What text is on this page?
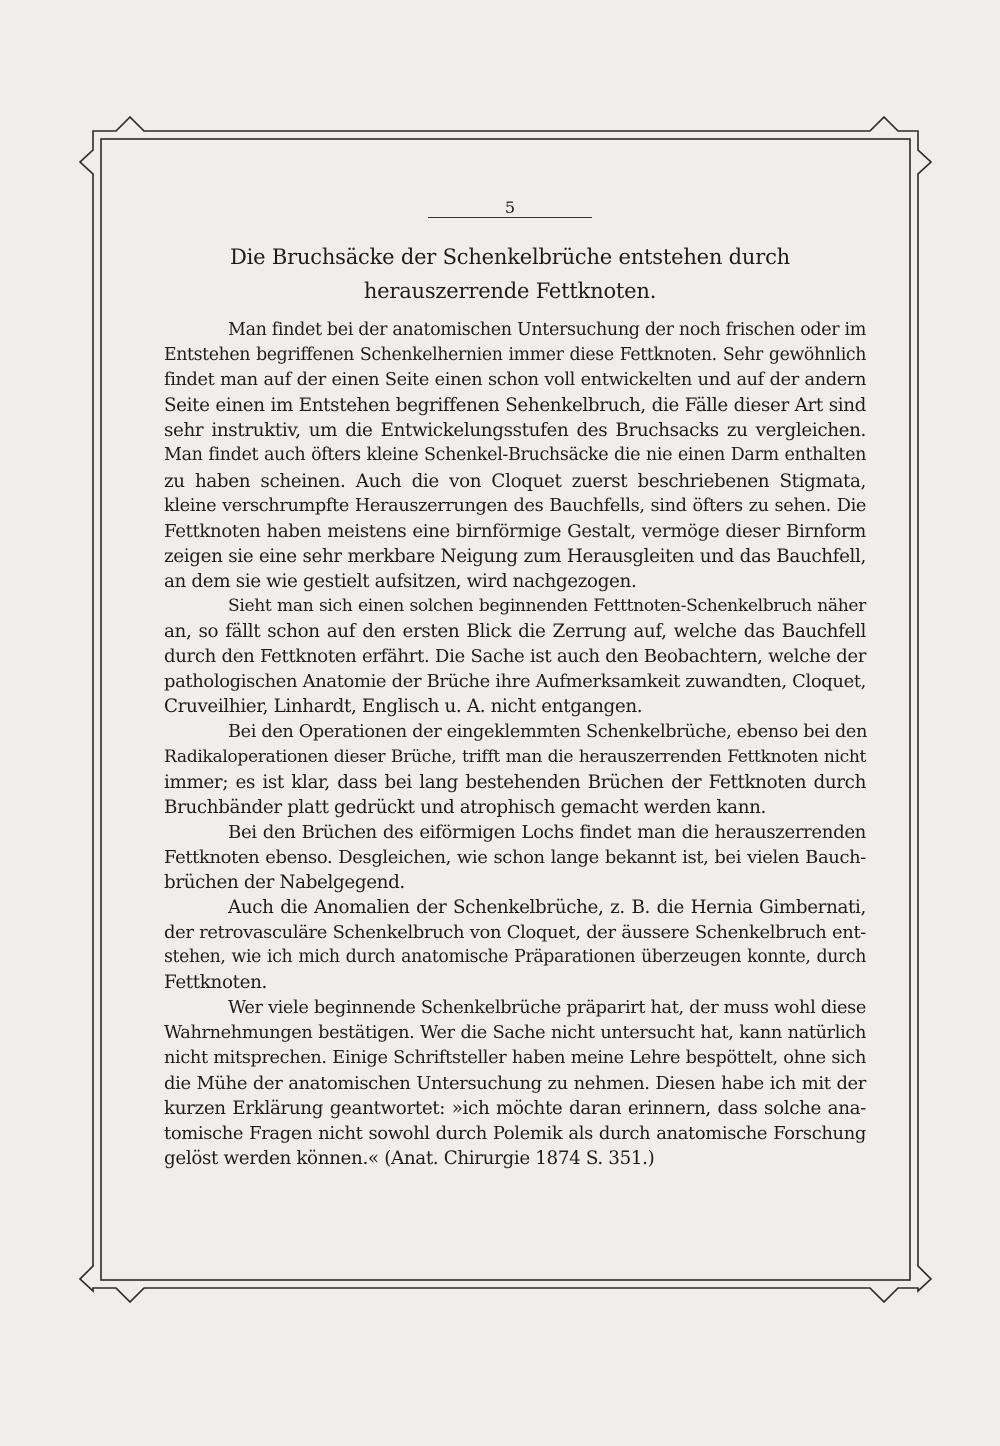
5
Die Bruchsäcke der Schenkelbrüche entstehen durch
herauszerrende Fettknoten.

Man findet bei der anatomischen Untersuchung der noch frischen oder im
Entstehen begriffenen Schenkelhernien immer diese Fettknoten. Sehr gewöhnlich
findet man auf der einen Seite einen schon voll entwickelten und auf der andern
Seite einen im Entstehen begriffenen Sehenkelbruch, die Fälle dieser Art sind
sehr instruktiv, um die Entwickelungsstufen des Bruchsacks zu vergleichen.
Man findet auch öfters kleine Schenkel-Bruchsäcke die nie einen Darm enthalten
zu haben scheinen. Auch die von Cloquet zuerst beschriebenen Stigmata,
kleine verschrumpfte Herauszerrungen des Bauchfells, sind öfters zu sehen. Die
Fettknoten haben meistens eine birnförmige Gestalt, vermöge dieser Birnform
zeigen sie eine sehr merkbare Neigung zum Herausgleiten und das Bauchfell,
an dem sie wie gestielt aufsitzen, wird nachgezogen.

Sieht man sich einen solchen beginnenden Fetttnoten-Schenkelbruch näher
an, so fällt schon auf den ersten Blick die Zerrung auf, welche das Bauchfell
durch den Fettknoten erfährt. Die Sache ist auch den Beobachtern, welche der
pathologischen Anatomie der Brüche ihre Aufmerksamkeit zuwandten, Cloquet,
Cruveilhier, Linhardt, Englisch u. A. nicht entgangen.

Bei den Operationen der eingeklemmten Schenkelbrüche, ebenso bei den
Radikaloperationen dieser Brüche, trifft man die herauszerrenden Fettknoten nicht
immer; es ist klar, dass bei lang bestehenden Brüchen der Fettknoten durch
Bruchbänder platt gedrückt und atrophisch gemacht werden kann.

Bei den Brüchen des eiförmigen Lochs findet man die herauszerrenden
Fettknoten ebenso. Desgleichen, wie schon lange bekannt ist, bei vielen Bauch-
brüchen der Nabelgegend.

Auch die Anomalien der Schenkelbrüche, z. B. die Hernia Gimbernati,
der retrovasculäre Schenkelbruch von Cloquet, der äussere Schenkelbruch ent-
stehen, wie ich mich durch anatomische Präparationen überzeugen konnte, durch
Fettknoten.

Wer viele beginnende Schenkelbrüche präparirt hat, der muss wohl diese
Wahrnehmungen bestätigen. Wer die Sache nicht untersucht hat, kann natürlich
nicht mitsprechen. Einige Schriftsteller haben meine Lehre bespöttelt, ohne sich
die Mühe der anatomischen Untersuchung zu nehmen. Diesen habe ich mit der
kurzen Erklärung geantwortet: »ich möchte daran erinnern, dass solche ana-
tomische Fragen nicht sowohl durch Polemik als durch anatomische Forschung
gelöst werden können.« (Anat. Chirurgie 1874 S. 351.)
